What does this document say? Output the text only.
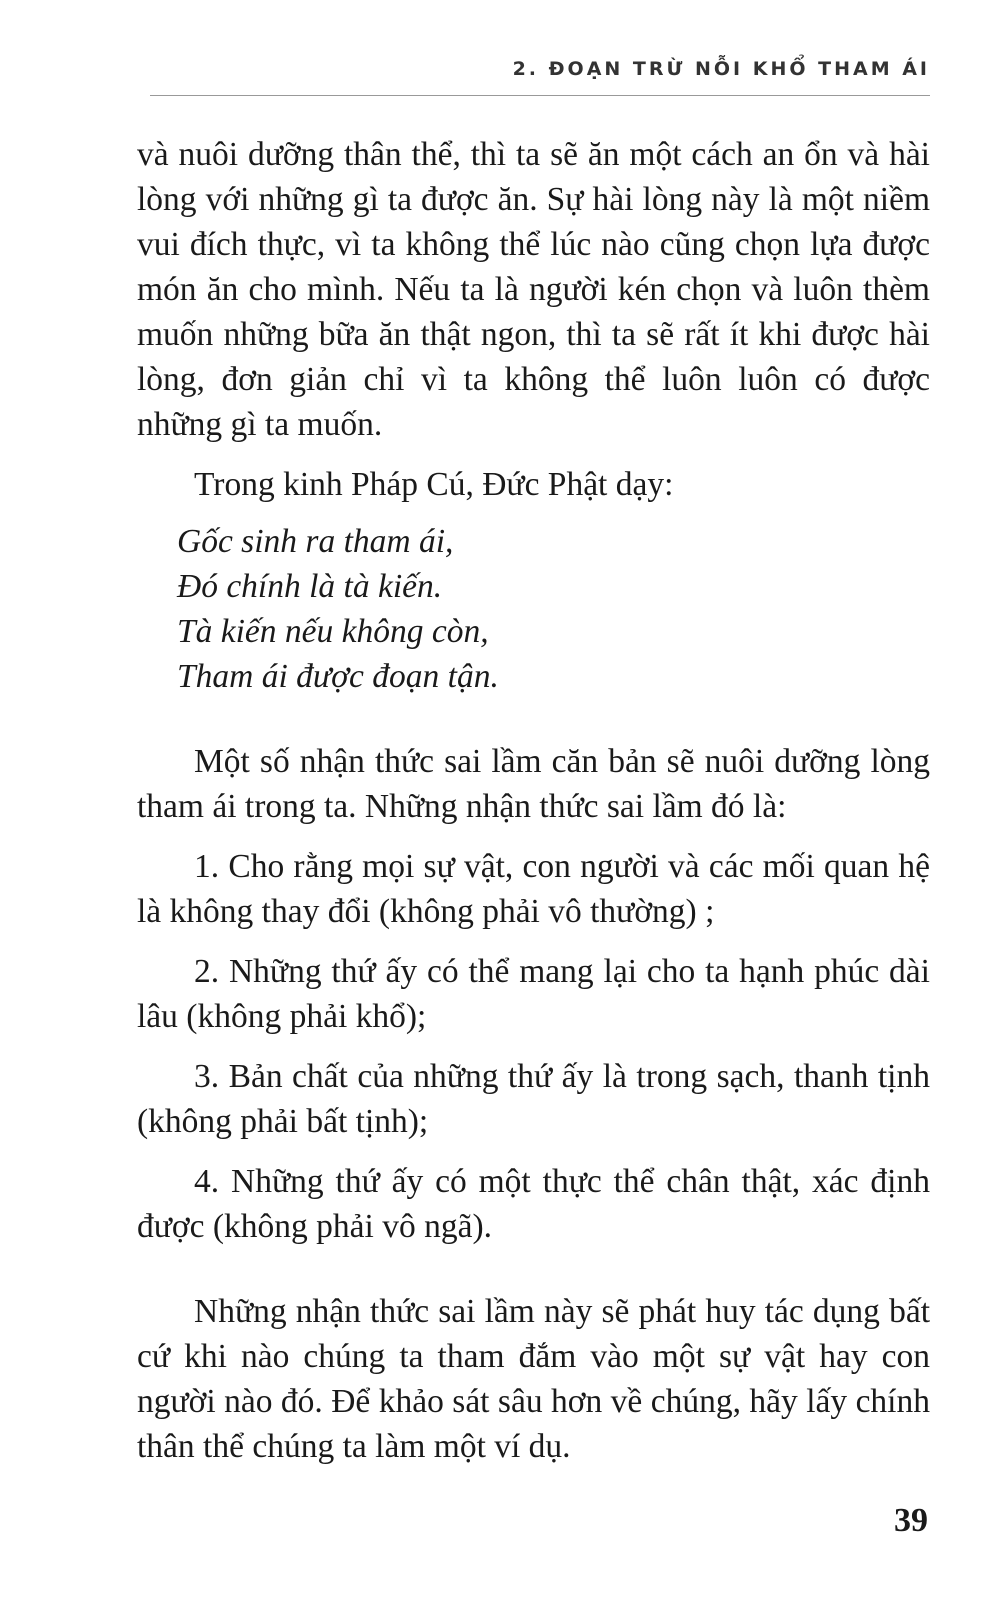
2. ĐOẠN TRỪ NỖI KHỔ THAM ÁI

và nuôi dưỡng thân thể, thì ta sẽ ăn một cách an ổn và hài lòng với những gì ta được ăn. Sự hài lòng này là một niềm vui đích thực, vì ta không thể lúc nào cũng chọn lựa được món ăn cho mình. Nếu ta là người kén chọn và luôn thèm muốn những bữa ăn thật ngon, thì ta sẽ rất ít khi được hài lòng, đơn giản chỉ vì ta không thể luôn luôn có được những gì ta muốn.

Trong kinh Pháp Cú, Đức Phật dạy:

Gốc sinh ra tham ái,
Đó chính là tà kiến.
Tà kiến nếu không còn,
Tham ái được đoạn tận.

Một số nhận thức sai lầm căn bản sẽ nuôi dưỡng lòng tham ái trong ta. Những nhận thức sai lầm đó là:

1. Cho rằng mọi sự vật, con người và các mối quan hệ là không thay đổi (không phải vô thường) ;

2. Những thứ ấy có thể mang lại cho ta hạnh phúc dài lâu (không phải khổ);

3. Bản chất của những thứ ấy là trong sạch, thanh tịnh (không phải bất tịnh);

4. Những thứ ấy có một thực thể chân thật, xác định được (không phải vô ngã).

Những nhận thức sai lầm này sẽ phát huy tác dụng bất cứ khi nào chúng ta tham đắm vào một sự vật hay con người nào đó. Để khảo sát sâu hơn về chúng, hãy lấy chính thân thể chúng ta làm một ví dụ.

39
